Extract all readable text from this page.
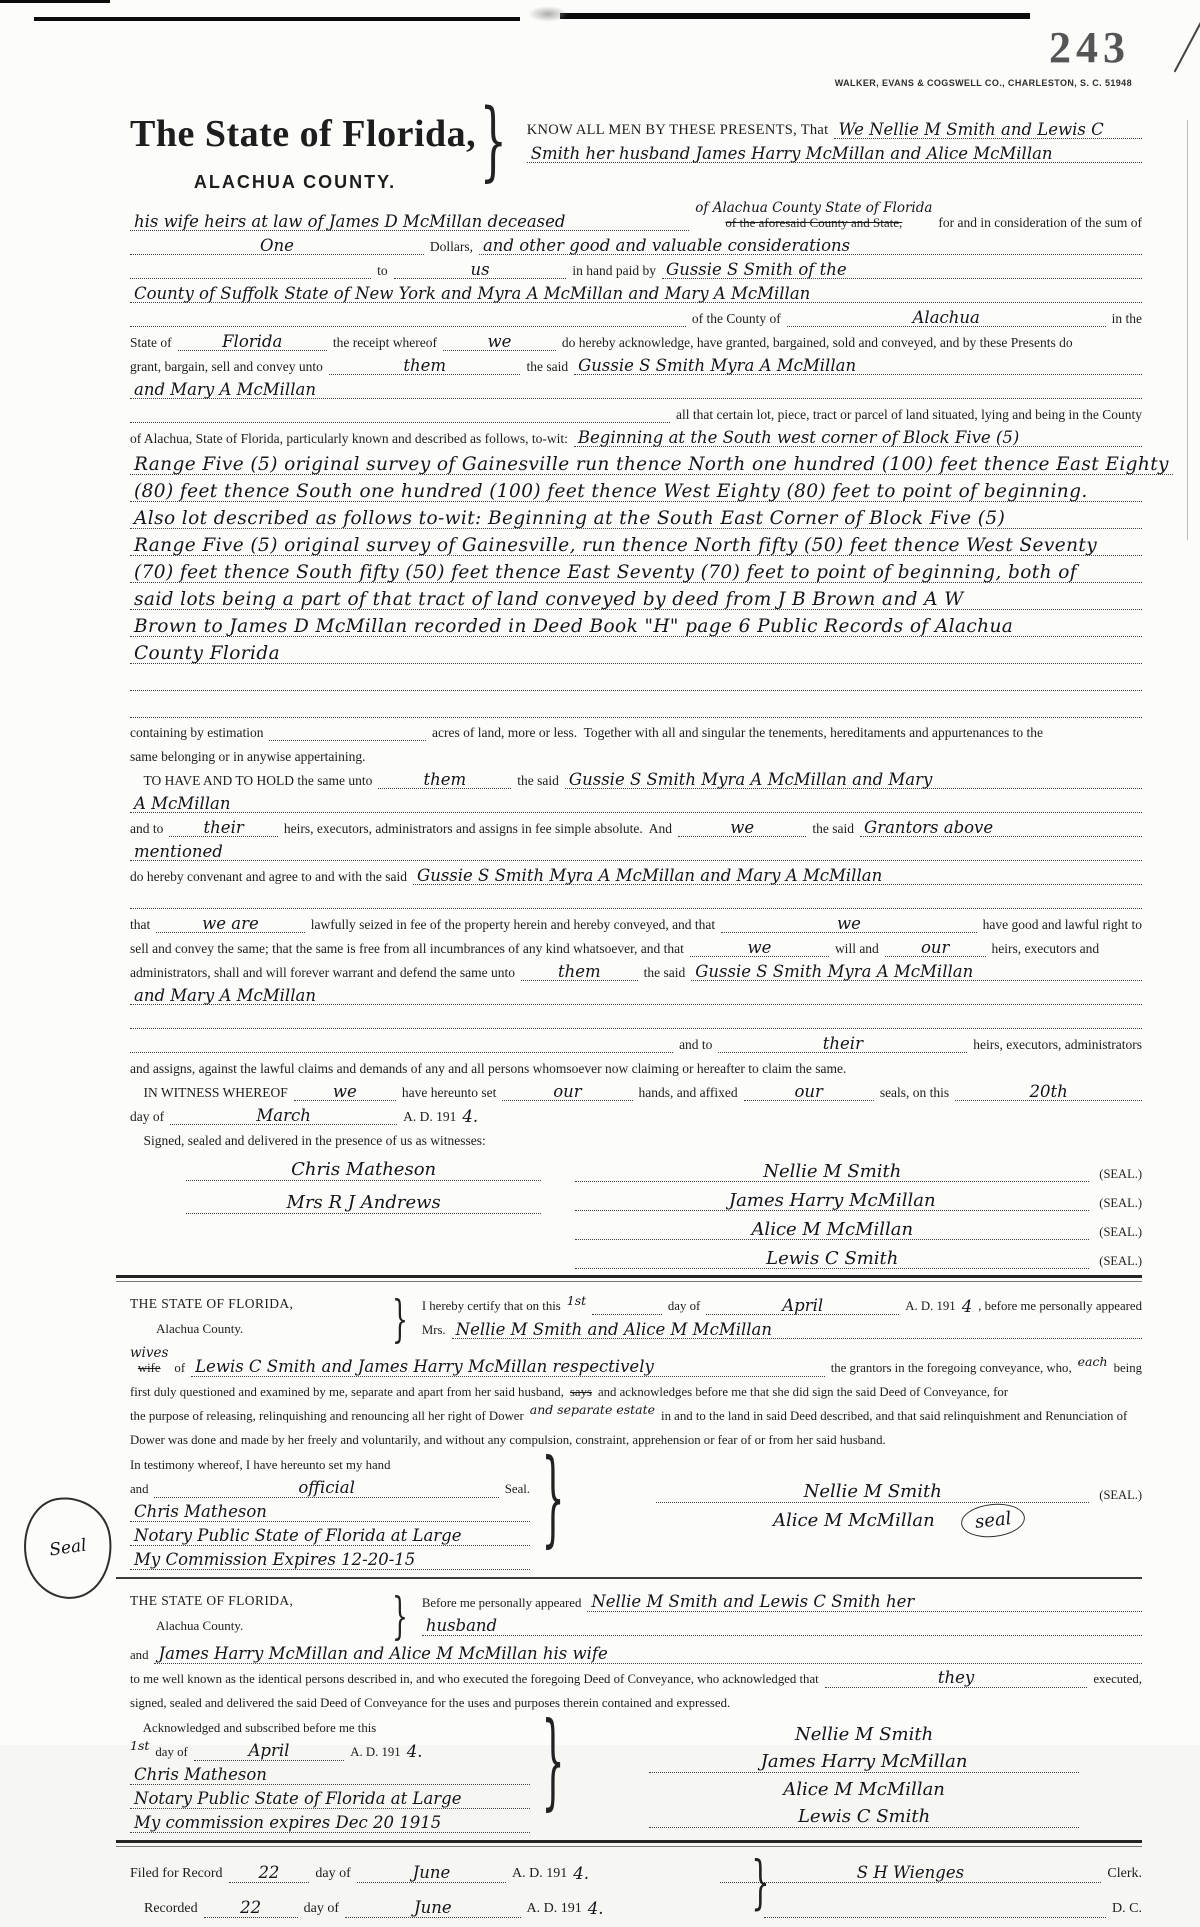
243
WALKER, EVANS & COGSWELL CO., CHARLESTON, S. C. 51948
The State of Florida,
ALACHUA COUNTY. } KNOW ALL MEN BY THESE PRESENTS, That We Nellie M Smith and Lewis C
Smith her husband James Harry McMillan and Alice McMillan
his wife heirs at law of James D McMillan deceased
of Alachua County State of Florida
of the aforesaid County and State,	for and in consideration of the sum of
One	Dollars, and other good and valuable considerations
to	us	in hand paid by Gussie S Smith of the
County of Suffolk State of New York and Myra A McMillan and Mary A McMillan
of the County of	Alachua	in the
State of	Florida	the receipt whereof	we	do hereby acknowledge, have granted, bargained, sold and conveyed, and by these Presents do
grant, bargain, sell and convey unto	them	the said Gussie S Smith Myra A McMillan
and Mary A McMillan
all that certain lot, piece, tract or parcel of land situated, lying and being in the County
of Alachua, State of Florida, particularly known and described as follows, to-wit: Beginning at the South west corner of Block Five (5)
Range Five (5) original survey of Gainesville run thence North one hundred (100) feet thence East Eighty
(80) feet thence South one hundred (100) feet thence West Eighty (80) feet to point of beginning.
Also lot described as follows to-wit: Beginning at the South East Corner of Block Five (5)
Range Five (5) original survey of Gainesville, run thence North fifty (50) feet thence West Seventy
(70) feet thence South fifty (50) feet thence East Seventy (70) feet to point of beginning, both of
said lots being a part of that tract of land conveyed by deed from J B Brown and A W
Brown to James D McMillan recorded in Deed Book "H" page 6 Public Records of Alachua
County Florida
containing by estimation	acres of land, more or less.  Together with all and singular the tenements, hereditaments and appurtenances to the
same belonging or in anywise appertaining.
 TO HAVE AND TO HOLD the same unto	them	the said Gussie S Smith Myra A McMillan and Mary
A McMillan
and to	their	heirs, executors, administrators and assigns in fee simple absolute.  And	we	the said Grantors above
mentioned
do hereby convenant and agree to and with the said Gussie S Smith Myra A McMillan and Mary A McMillan
that	we are	lawfully seized in fee of the property herein and hereby conveyed, and that	we	have good and lawful right to
sell and convey the same; that the same is free from all incumbrances of any kind whatsoever, and that	we	will and	our	heirs, executors and
administrators, shall and will forever warrant and defend the same unto	them	the said Gussie S Smith Myra A McMillan
and Mary A McMillan
and to	their	heirs, executors, administrators
and assigns, against the lawful claims and demands of any and all persons whomsoever now claiming or hereafter to claim the same.
 IN WITNESS WHEREOF	we	have hereunto set	our	hands, and affixed	our	seals, on this	20th
day of	March	A. D. 191 4.
 Signed, sealed and delivered in the presence of us as witnesses:
Chris Matheson
Mrs R J Andrews
Nellie M Smith	(SEAL.)
James Harry McMillan	(SEAL.)
Alice M McMillan	(SEAL.)
Lewis C Smith	(SEAL.)
THE STATE OF FLORIDA,
Alachua County.	} I hereby certify that on this 1st	day of	April	A. D. 191 4 , before me personally appeared
Mrs. Nellie M Smith and Alice M McMillan
wives
wife of Lewis C Smith and James Harry McMillan respectively	the grantors in the foregoing conveyance, who, each being
first duly questioned and examined by me, separate and apart from her said husband, says and acknowledges before me that she did sign the said Deed of Conveyance, for
the purpose of releasing, relinquishing and renouncing all her right of Dower and separate estate in and to the land in said Deed described, and that said relinquishment and Renunciation of
Dower was done and made by her freely and voluntarily, and without any compulsion, constraint, apprehension or fear of or from her said husband.
Seal
In testimony whereof, I have hereunto set my hand
and	official	Seal.
Chris Matheson
Notary Public State of Florida at Large
My Commission Expires 12-20-15
}	Nellie M Smith	(SEAL.)
Alice M McMillan	seal
THE STATE OF FLORIDA,
Alachua County.	} Before me personally appeared Nellie M Smith and Lewis C Smith her
husband
and James Harry McMillan and Alice M McMillan his wife
to me well known as the identical persons described in, and who executed the foregoing Deed of Conveyance, who acknowledged that	they	executed,
signed, sealed and delivered the said Deed of Conveyance for the uses and purposes therein contained and expressed.
 Acknowledged and subscribed before me this
1st day of	April	A. D. 191 4.
Chris Matheson
Notary Public State of Florida at Large
My commission expires Dec 20 1915
}	Nellie M Smith
James Harry McMillan
Alice M McMillan
Lewis C Smith
}
Filed for Record	22	day of	June	A. D. 191 4.	S H Wienges	Clerk.
 Recorded	22	day of	June	A. D. 191 4.	D. C.
